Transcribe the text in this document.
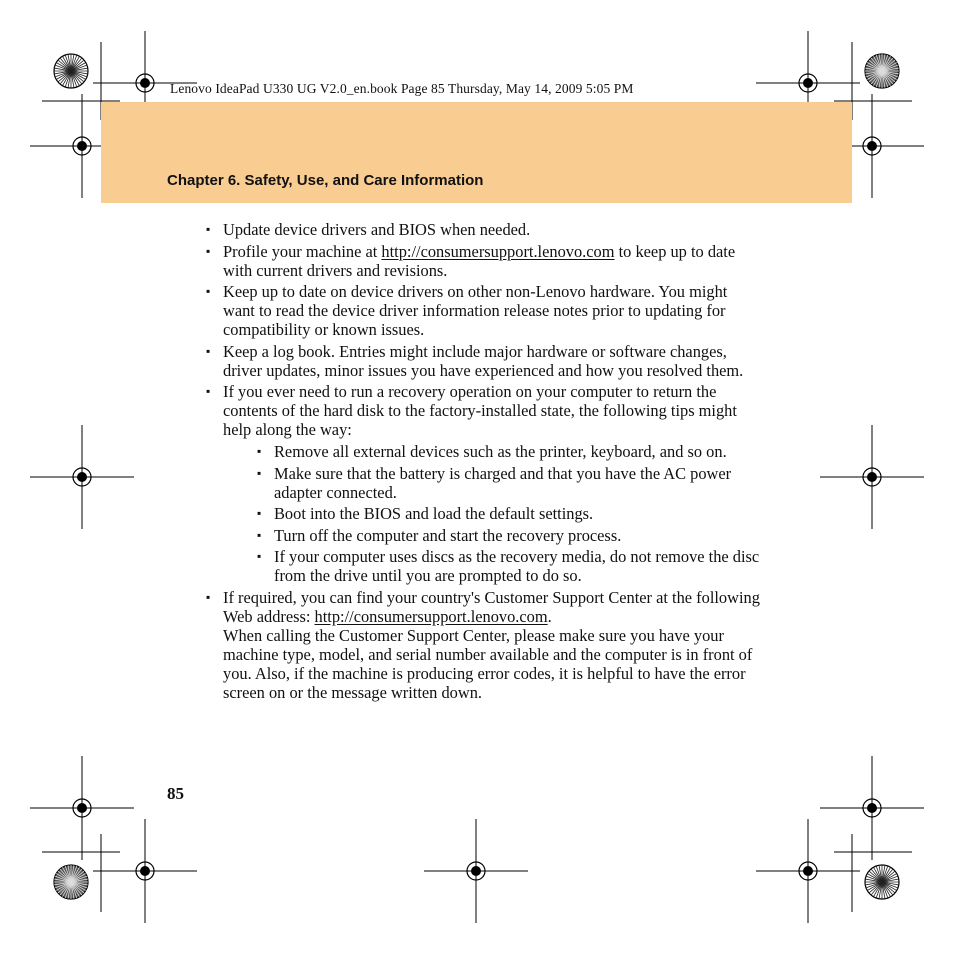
Lenovo IdeaPad U330 UG V2.0_en.book Page 85 Thursday, May 14, 2009 5:05 PM
Chapter 6. Safety, Use, and Care Information
▪ Update device drivers and BIOS when needed.
▪ Profile your machine at http://consumersupport.lenovo.com to keep up to date with current drivers and revisions.
▪ Keep up to date on device drivers on other non-Lenovo hardware. You might want to read the device driver information release notes prior to updating for compatibility or known issues.
▪ Keep a log book. Entries might include major hardware or software changes, driver updates, minor issues you have experienced and how you resolved them.
▪ If you ever need to run a recovery operation on your computer to return the contents of the hard disk to the factory-installed state, the following tips might help along the way:
▪ Remove all external devices such as the printer, keyboard, and so on.
▪ Make sure that the battery is charged and that you have the AC power adapter connected.
▪ Boot into the BIOS and load the default settings.
▪ Turn off the computer and start the recovery process.
▪ If your computer uses discs as the recovery media, do not remove the disc from the drive until you are prompted to do so.
▪ If required, you can find your country's Customer Support Center at the following Web address: http://consumersupport.lenovo.com.
When calling the Customer Support Center, please make sure you have your machine type, model, and serial number available and the computer is in front of you. Also, if the machine is producing error codes, it is helpful to have the error screen on or the message written down.
85
